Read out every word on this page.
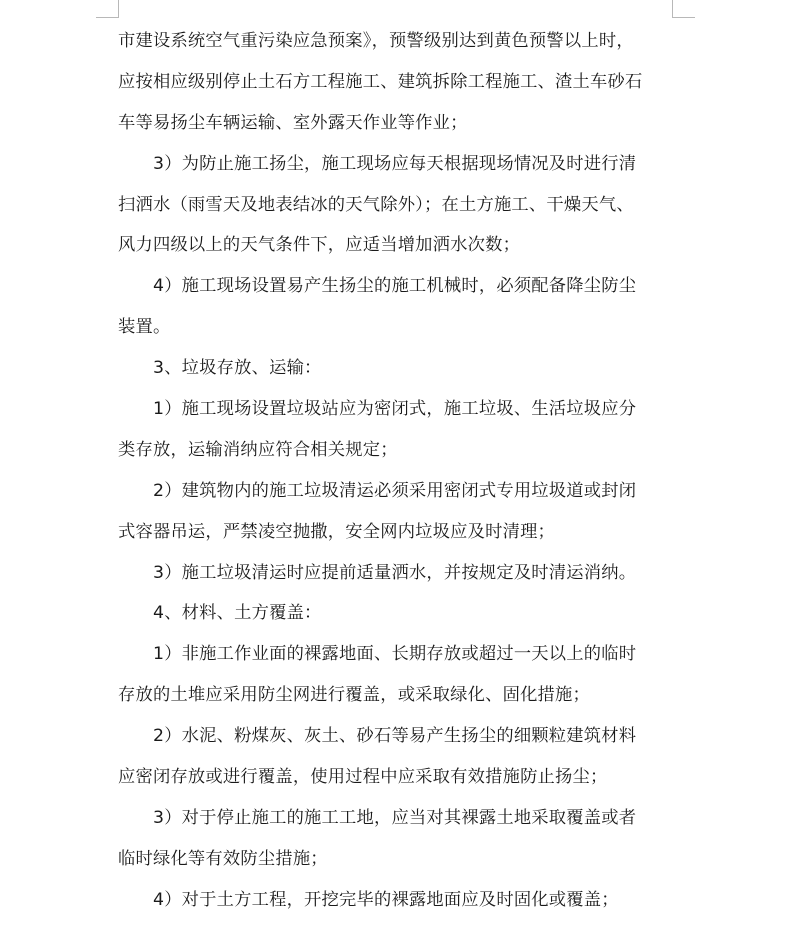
市建设系统空气重污染应急预案》，预警级别达到黄色预警以上时，
应按相应级别停止土石方工程施工、建筑拆除工程施工、渣土车砂石
车等易扬尘车辆运输、室外露天作业等作业；
3）为防止施工扬尘，施工现场应每天根据现场情况及时进行清
扫洒水（雨雪天及地表结冰的天气除外）；在土方施工、干燥天气、
风力四级以上的天气条件下，应适当增加洒水次数；
4）施工现场设置易产生扬尘的施工机械时，必须配备降尘防尘
装置。
3、垃圾存放、运输：
1）施工现场设置垃圾站应为密闭式，施工垃圾、生活垃圾应分
类存放，运输消纳应符合相关规定；
2）建筑物内的施工垃圾清运必须采用密闭式专用垃圾道或封闭
式容器吊运，严禁凌空抛撒，安全网内垃圾应及时清理；
3）施工垃圾清运时应提前适量洒水，并按规定及时清运消纳。
4、材料、土方覆盖：
1）非施工作业面的裸露地面、长期存放或超过一天以上的临时
存放的土堆应采用防尘网进行覆盖，或采取绿化、固化措施；
2）水泥、粉煤灰、灰土、砂石等易产生扬尘的细颗粒建筑材料
应密闭存放或进行覆盖，使用过程中应采取有效措施防止扬尘；
3）对于停止施工的施工工地，应当对其裸露土地采取覆盖或者
临时绿化等有效防尘措施；
4）对于土方工程，开挖完毕的裸露地面应及时固化或覆盖；
